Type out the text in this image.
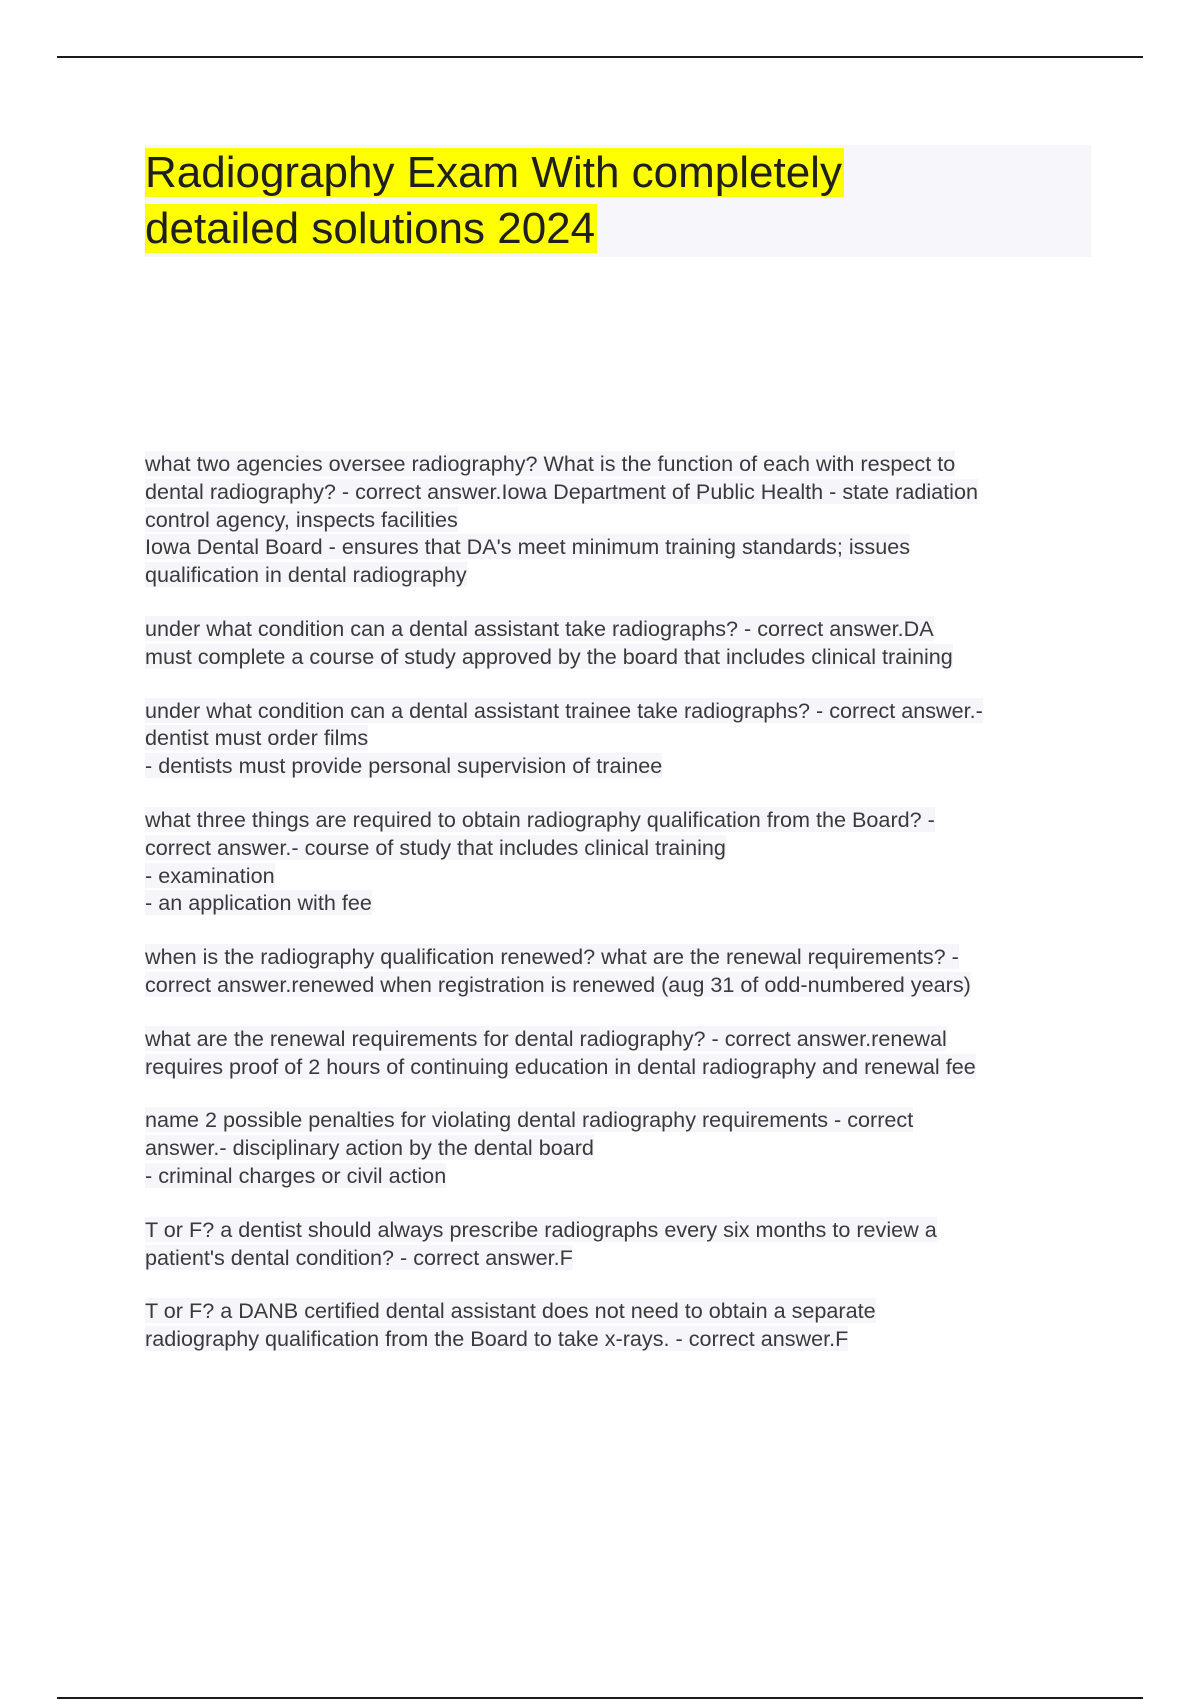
Radiography Exam With completely
detailed solutions 2024

what two agencies oversee radiography? What is the function of each with respect to
dental radiography? - correct answer.Iowa Department of Public Health - state radiation
control agency, inspects facilities
Iowa Dental Board - ensures that DA's meet minimum training standards; issues
qualification in dental radiography

under what condition can a dental assistant take radiographs? - correct answer.DA
must complete a course of study approved by the board that includes clinical training

under what condition can a dental assistant trainee take radiographs? - correct answer.-
dentist must order films
- dentists must provide personal supervision of trainee

what three things are required to obtain radiography qualification from the Board? -
correct answer.- course of study that includes clinical training
- examination
- an application with fee

when is the radiography qualification renewed? what are the renewal requirements? -
correct answer.renewed when registration is renewed (aug 31 of odd-numbered years)

what are the renewal requirements for dental radiography? - correct answer.renewal
requires proof of 2 hours of continuing education in dental radiography and renewal fee

name 2 possible penalties for violating dental radiography requirements - correct
answer.- disciplinary action by the dental board
- criminal charges or civil action

T or F? a dentist should always prescribe radiographs every six months to review a
patient's dental condition? - correct answer.F

T or F? a DANB certified dental assistant does not need to obtain a separate
radiography qualification from the Board to take x-rays. - correct answer.F
